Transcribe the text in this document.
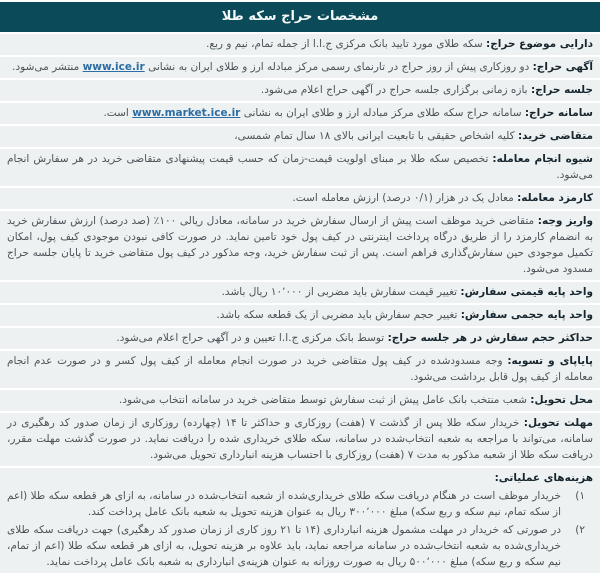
مشخصات حراج سکه طلا
دارایی موضوع حراج: سکه طلای مورد تایید بانک مرکزی ج.ا.ا از جمله تمام، نیم و ربع.
آگهی حراج: دو روزکاری پیش از روز حراج در تارنمای رسمی مرکز مبادله ارز و طلای ایران به نشانی www.ice.ir منتشر می‌شود.
جلسه حراج: بازه زمانی برگزاری جلسه حراج در آگهی حراج اعلام می‌شود.
سامانه حراج: سامانه حراج سکه طلای مرکز مبادله ارز و طلای ایران به نشانی www.market.ice.ir است.
متقاضی خرید: کلیه اشخاص حقیقی با تابعیت ایرانی بالای ۱۸ سال تمام شمسی،
شیوه انجام معامله: تخصیص سکه طلا بر مبنای اولویت قیمت-زمان که حسب قیمت پیشنهادی متقاضی خرید در هر سفارش انجام می‌شود.
کارمزد معامله: معادل یک در هزار (۰/۱ درصد) ارزش معامله است.
واریز وجه: متقاضی خرید موظف است پیش از ارسال سفارش خرید در سامانه، معادل ریالی ۱۰۰٪ (صد درصد) ارزش سفارش خرید به انضمام کارمزد را از طریق درگاه پرداخت اینترنتی در کیف پول خود تامین نماید. در صورت کافی نبودن موجودی کیف پول، امکان تکمیل موجودی حین سفارش‌گذاری فراهم است. پس از ثبت سفارش خرید، وجه مذکور در کیف پول متقاضی خرید تا پایان جلسه حراج مسدود می‌شود.
واحد پایه قیمتی سفارش: تغییر قیمت سفارش باید مضربی از ۱۰٬۰۰۰ ریال باشد.
واحد پایه حجمی سفارش: تغییر حجم سفارش باید مضربی از یک قطعه سکه باشد.
حداکثر حجم سفارش در هر جلسه حراج: توسط بانک مرکزی ج.ا.ا تعیین و در آگهی حراج اعلام می‌شود.
پایاپای و تسویه: وجه مسدودشده در کیف پول متقاضی خرید در صورت انجام معامله از کیف پول کسر و در صورت عدم انجام معامله از کیف پول قابل برداشت می‌شود.
محل تحویل: شعب منتخب بانک عامل پیش از ثبت سفارش توسط متقاضی خرید در سامانه انتخاب می‌شود.
مهلت تحویل: خریدار سکه طلا پس از گذشت ۷ (هفت) روزکاری و حداکثر تا ۱۴ (چهارده) روزکاری از زمان صدور کد رهگیری در سامانه، می‌تواند با مراجعه به شعبه انتخاب‌شده در سامانه، سکه طلای خریداری شده را دریافت نماید. در صورت گذشت مهلت مقرر، دریافت سکه طلا از شعبه مذکور به مدت ۷ (هفت) روزکاری با احتساب هزینه انبارداری تحویل می‌شود.
هزینه‌های عملیاتی:
۱)
خریدار موظف است در هنگام دریافت سکه طلای خریداری‌شده از شعبه انتخاب‌شده در سامانه، به ازای هر قطعه سکه طلا (اعم از سکه تمام، نیم سکه و ربع سکه) مبلغ ۳۰۰٬۰۰۰ ریال به عنوان هزینه تحویل به شعبه بانک عامل پرداخت کند.
۲)
در صورتی که خریدار در مهلت مشمول هزینه انبارداری (۱۴ تا ۲۱ روز کاری از زمان صدور کد رهگیری) جهت دریافت سکه طلای خریداری‌شده به شعبه انتخاب‌شده در سامانه مراجعه نماید، باید علاوه بر هزینه تحویل، به ازای هر قطعه سکه طلا (اعم از تمام، نیم سکه و ربع سکه) مبلغ ۵۰۰٬۰۰۰ ریال به صورت روزانه به عنوان هزینه‌ی انبارداری به شعبه بانک عامل پرداخت نماید.
